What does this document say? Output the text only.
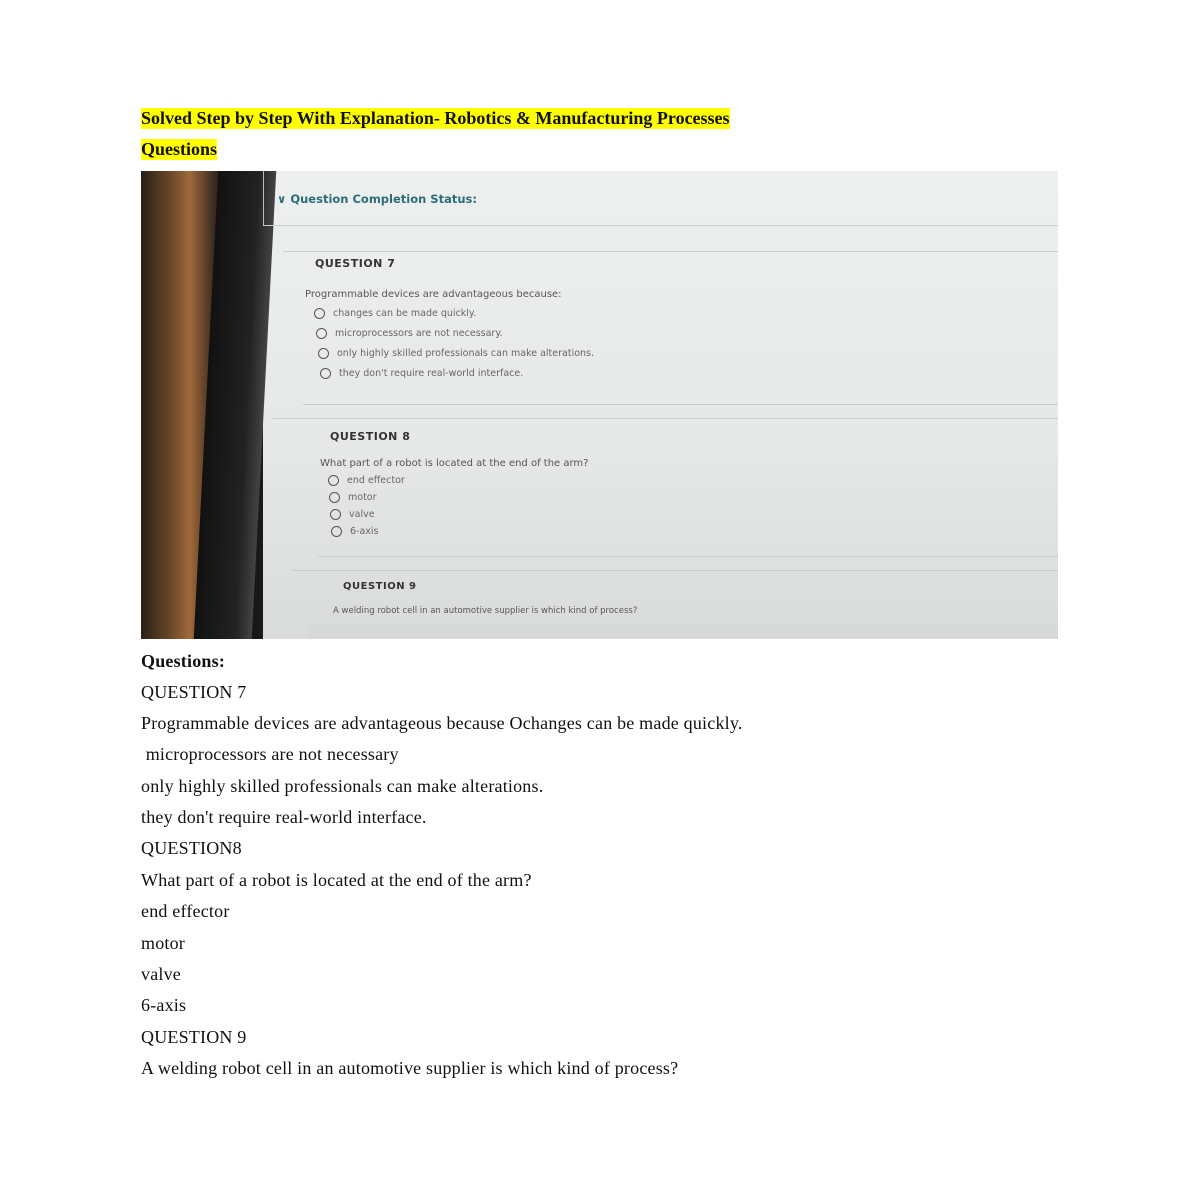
Solved Step by Step With Explanation- Robotics & Manufacturing Processes
Questions
∨ Question Completion Status:
QUESTION 7
Programmable devices are advantageous because:
changes can be made quickly.
microprocessors are not necessary.
only highly skilled professionals can make alterations.
they don't require real-world interface.
QUESTION 8
What part of a robot is located at the end of the arm?
end effector
motor
valve
6-axis
QUESTION 9
A welding robot cell in an automotive supplier is which kind of process?
Questions:
QUESTION 7
Programmable devices are advantageous because Ochanges can be made quickly.
microprocessors are not necessary
only highly skilled professionals can make alterations.
they don't require real-world interface.
QUESTION8
What part of a robot is located at the end of the arm?
end effector
motor
valve
6-axis
QUESTION 9
A welding robot cell in an automotive supplier is which kind of process?
